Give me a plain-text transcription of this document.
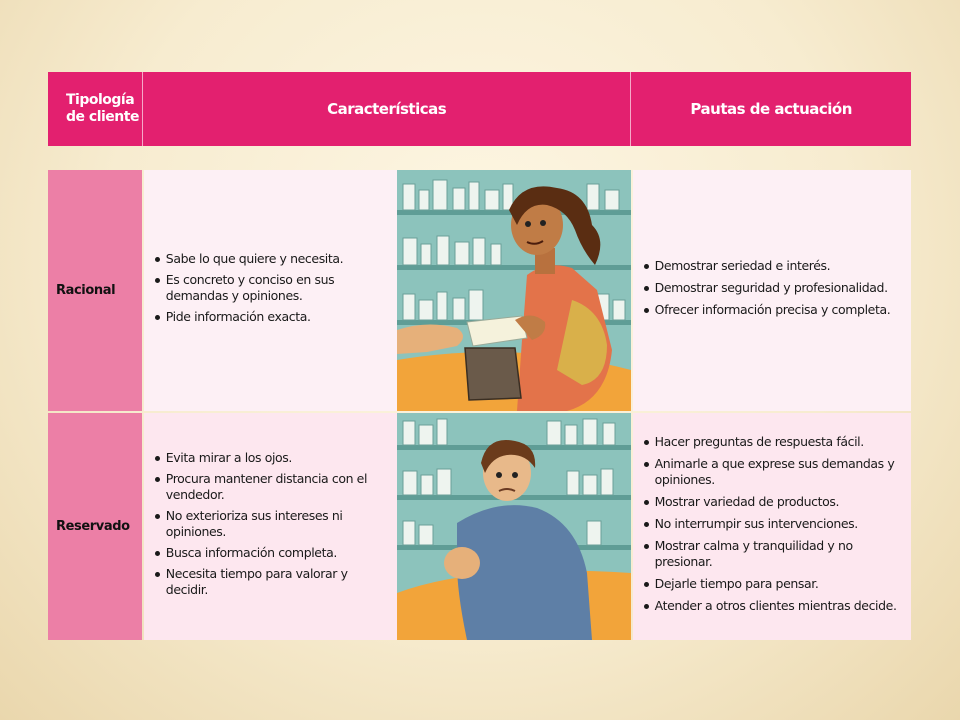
Tipología de cliente	Características	Pautas de actuación
Racional
Sabe lo que quiere y necesita.
Es concreto y conciso en sus demandas y opiniones.
Pide información exacta.
Demostrar seriedad e interés.
Demostrar seguridad y profesionalidad.
Ofrecer información precisa y completa.
Reservado
Evita mirar a los ojos.
Procura mantener distancia con el vendedor.
No exterioriza sus intereses ni opiniones.
Busca información completa.
Necesita tiempo para valorar y decidir.
Hacer preguntas de respuesta fácil.
Animarle a que exprese sus demandas y opiniones.
Mostrar variedad de productos.
No interrumpir sus intervenciones.
Mostrar calma y tranquilidad y no presionar.
Dejarle tiempo para pensar.
Atender a otros clientes mientras decide.
